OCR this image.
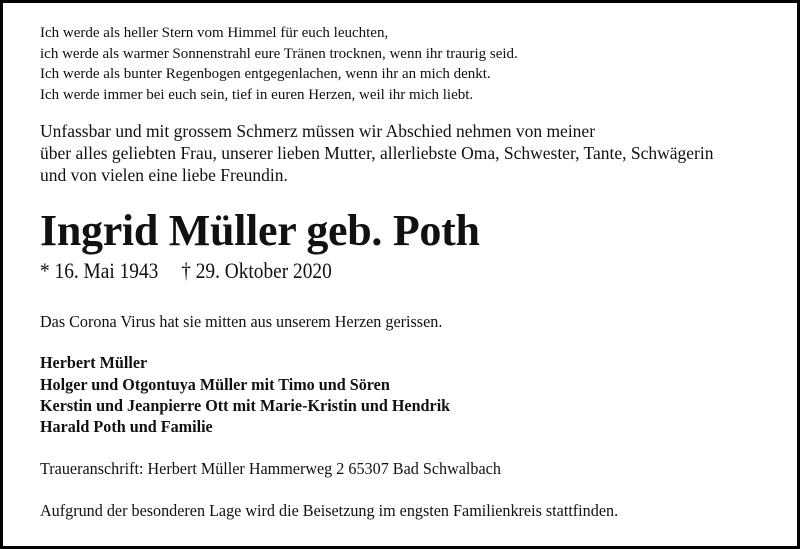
Ich werde als heller Stern vom Himmel für euch leuchten,
ich werde als warmer Sonnenstrahl eure Tränen trocknen, wenn ihr traurig seid.
Ich werde als bunter Regenbogen entgegenlachen, wenn ihr an mich denkt.
Ich werde immer bei euch sein, tief in euren Herzen, weil ihr mich liebt.
Unfassbar und mit grossem Schmerz müssen wir Abschied nehmen von meiner
über alles geliebten Frau, unserer lieben Mutter, allerliebste Oma, Schwester, Tante, Schwägerin
und von vielen eine liebe Freundin.
Ingrid Müller geb. Poth
* 16. Mai 1943 † 29. Oktober 2020
Das Corona Virus hat sie mitten aus unserem Herzen gerissen.
Herbert Müller
Holger und Otgontuya Müller mit Timo und Sören
Kerstin und Jeanpierre Ott mit Marie-Kristin und Hendrik
Harald Poth und Familie
Traueranschrift: Herbert Müller Hammerweg 2 65307 Bad Schwalbach
Aufgrund der besonderen Lage wird die Beisetzung im engsten Familienkreis stattfinden.
